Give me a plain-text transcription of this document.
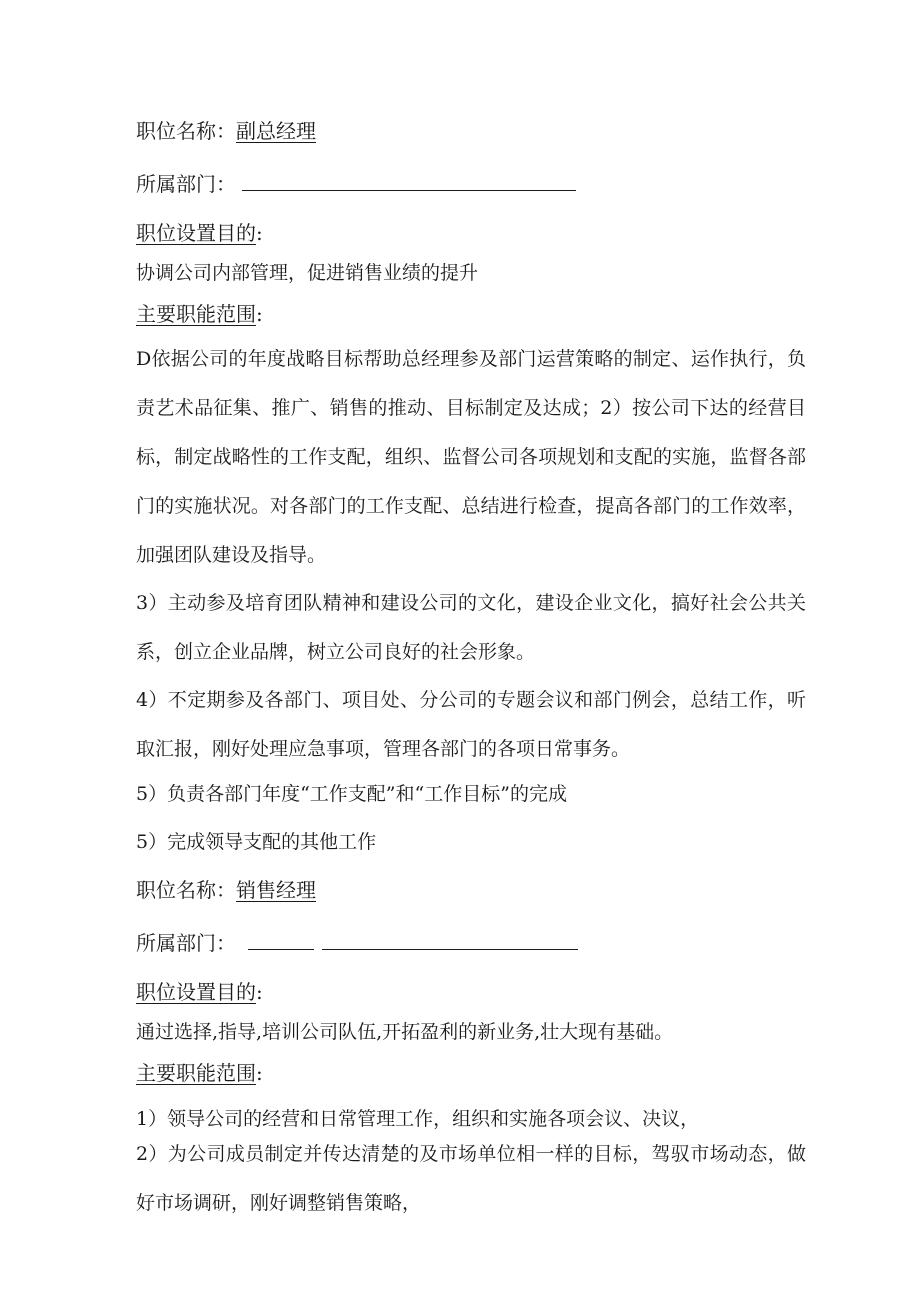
职位名称：副总经理
所属部门：
职位设置目的:
协调公司内部管理，促进销售业绩的提升
主要职能范围:
D依据公司的年度战略目标帮助总经理参及部门运营策略的制定、运作执行，负责艺术品征集、推广、销售的推动、目标制定及达成；2）按公司下达的经营目标，制定战略性的工作支配，组织、监督公司各项规划和支配的实施，监督各部门的实施状况。对各部门的工作支配、总结进行检查，提高各部门的工作效率，加强团队建设及指导。
3）主动参及培育团队精神和建设公司的文化，建设企业文化，搞好社会公共关系，创立企业品牌，树立公司良好的社会形象。
4）不定期参及各部门、项目处、分公司的专题会议和部门例会，总结工作，听取汇报，刚好处理应急事项，管理各部门的各项日常事务。
5）负责各部门年度“工作支配”和“工作目标”的完成
5）完成领导支配的其他工作
职位名称：销售经理
所属部门：
职位设置目的:
通过选择,指导,培训公司队伍,开拓盈利的新业务,壮大现有基础。
主要职能范围:
1）领导公司的经营和日常管理工作，组织和实施各项会议、决议，
2）为公司成员制定并传达清楚的及市场单位相一样的目标，驾驭市场动态，做好市场调研，刚好调整销售策略，
